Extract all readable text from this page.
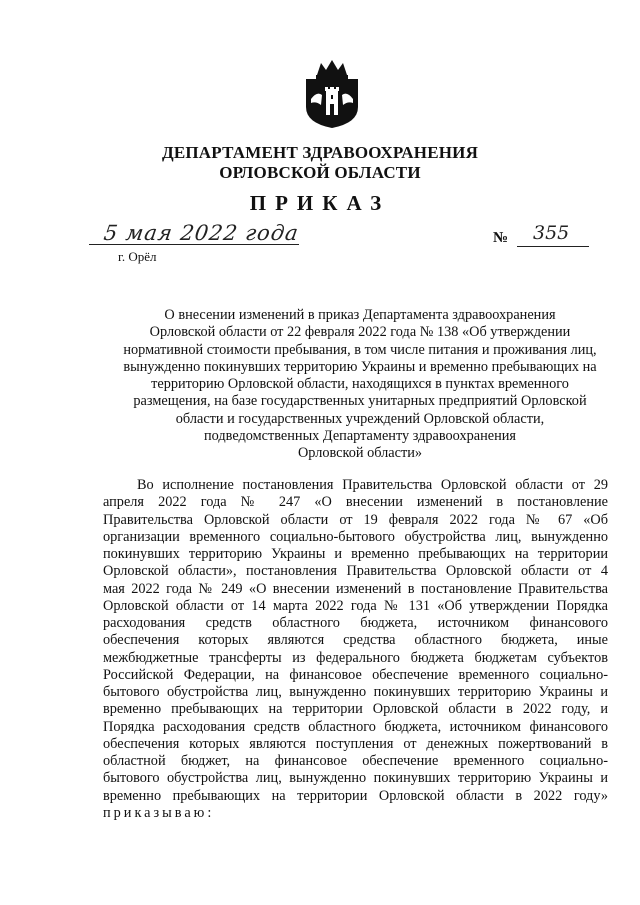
ДЕПАРТАМЕНТ ЗДРАВООХРАНЕНИЯ
ОРЛОВСКОЙ ОБЛАСТИ
ПРИКАЗ
5 мая 2022 года
г. Орёл
№ 355
О внесении изменений в приказ Департамента здравоохранения
Орловской области от 22 февраля 2022 года № 138 «Об утверждении
нормативной стоимости пребывания, в том числе питания и проживания лиц,
вынужденно покинувших территорию Украины и временно пребывающих на
территорию Орловской области, находящихся в пунктах временного
размещения, на базе государственных унитарных предприятий Орловской
области и государственных учреждений Орловской области,
подведомственных Департаменту здравоохранения
Орловской области»
Во исполнение постановления Правительства Орловской области от 29
апреля 2022 года № 247 «О внесении изменений в постановление
Правительства Орловской области от 19 февраля 2022 года № 67 «Об
организации временного социально-бытового обустройства лиц, вынужденно
покинувших территорию Украины и временно пребывающих на территории
Орловской области», постановления Правительства Орловской области от 4
мая 2022 года № 249 «О внесении изменений в постановление Правительства
Орловской области от 14 марта 2022 года № 131 «Об утверждении Порядка
расходования средств областного бюджета, источником финансового
обеспечения которых являются средства областного бюджета, иные
межбюджетные трансферты из федерального бюджета бюджетам субъектов
Российской Федерации, на финансовое обеспечение временного социально-
бытового обустройства лиц, вынужденно покинувших территорию Украины и
временно пребывающих на территории Орловской области в 2022 году, и
Порядка расходования средств областного бюджета, источником финансового
обеспечения которых являются поступления от денежных пожертвований в
областной бюджет, на финансовое обеспечение временного социально-
бытового обустройства лиц, вынужденно покинувших территорию Украины и
временно пребывающих на территории Орловской области в 2022 году»
приказываю:
